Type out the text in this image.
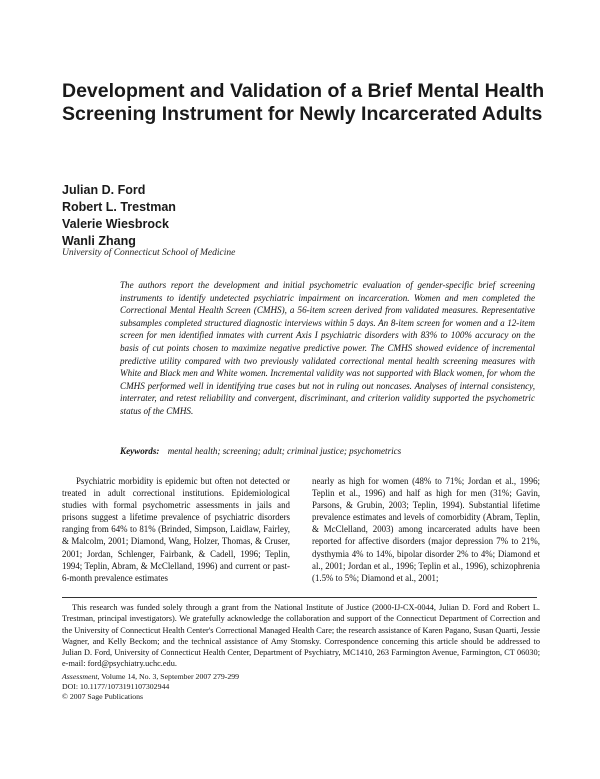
Development and Validation of a Brief Mental Health Screening Instrument for Newly Incarcerated Adults
Julian D. Ford
Robert L. Trestman
Valerie Wiesbrock
Wanli Zhang
University of Connecticut School of Medicine

The authors report the development and initial psychometric evaluation of gender-specific brief screening instruments to identify undetected psychiatric impairment on incarceration. Women and men completed the Correctional Mental Health Screen (CMHS), a 56-item screen derived from validated measures. Representative subsamples completed structured diagnostic interviews within 5 days. An 8-item screen for women and a 12-item screen for men identified inmates with current Axis I psychiatric disorders with 83% to 100% accuracy on the basis of cut points chosen to maximize negative predictive power. The CMHS showed evidence of incremental predictive utility compared with two previously validated correctional mental health screening measures with White and Black men and White women. Incremental validity was not supported with Black women, for whom the CMHS performed well in identifying true cases but not in ruling out noncases. Analyses of internal consistency, interrater, and retest reliability and convergent, discriminant, and criterion validity supported the psychometric status of the CMHS.

Keywords: mental health; screening; adult; criminal justice; psychometrics

Psychiatric morbidity is epidemic but often not detected or treated in adult correctional institutions. Epidemiological studies with formal psychometric assessments in jails and prisons suggest a lifetime prevalence of psychiatric disorders ranging from 64% to 81% (Brinded, Simpson, Laidlaw, Fairley, & Malcolm, 2001; Diamond, Wang, Holzer, Thomas, & Cruser, 2001; Jordan, Schlenger, Fairbank, & Cadell, 1996; Teplin, 1994; Teplin, Abram, & McClelland, 1996) and current or past-6-month prevalence estimates

nearly as high for women (48% to 71%; Jordan et al., 1996; Teplin et al., 1996) and half as high for men (31%; Gavin, Parsons, & Grubin, 2003; Teplin, 1994). Substantial lifetime prevalence estimates and levels of comorbidity (Abram, Teplin, & McClelland, 2003) among incarcerated adults have been reported for affective disorders (major depression 7% to 21%, dysthymia 4% to 14%, bipolar disorder 2% to 4%; Diamond et al., 2001; Jordan et al., 1996; Teplin et al., 1996), schizophrenia (1.5% to 5%; Diamond et al., 2001;

This research was funded solely through a grant from the National Institute of Justice (2000-IJ-CX-0044, Julian D. Ford and Robert L. Trestman, principal investigators). We gratefully acknowledge the collaboration and support of the Connecticut Department of Correction and the University of Connecticut Health Center's Correctional Managed Health Care; the research assistance of Karen Pagano, Susan Quarti, Jessie Wagner, and Kelly Beckom; and the technical assistance of Amy Stomsky. Correspondence concerning this article should be addressed to Julian D. Ford, University of Connecticut Health Center, Department of Psychiatry, MC1410, 263 Farmington Avenue, Farmington, CT 06030; e-mail: ford@psychiatry.uchc.edu.

Assessment, Volume 14, No. 3, September 2007 279-299
DOI: 10.1177/1073191107302944
© 2007 Sage Publications
